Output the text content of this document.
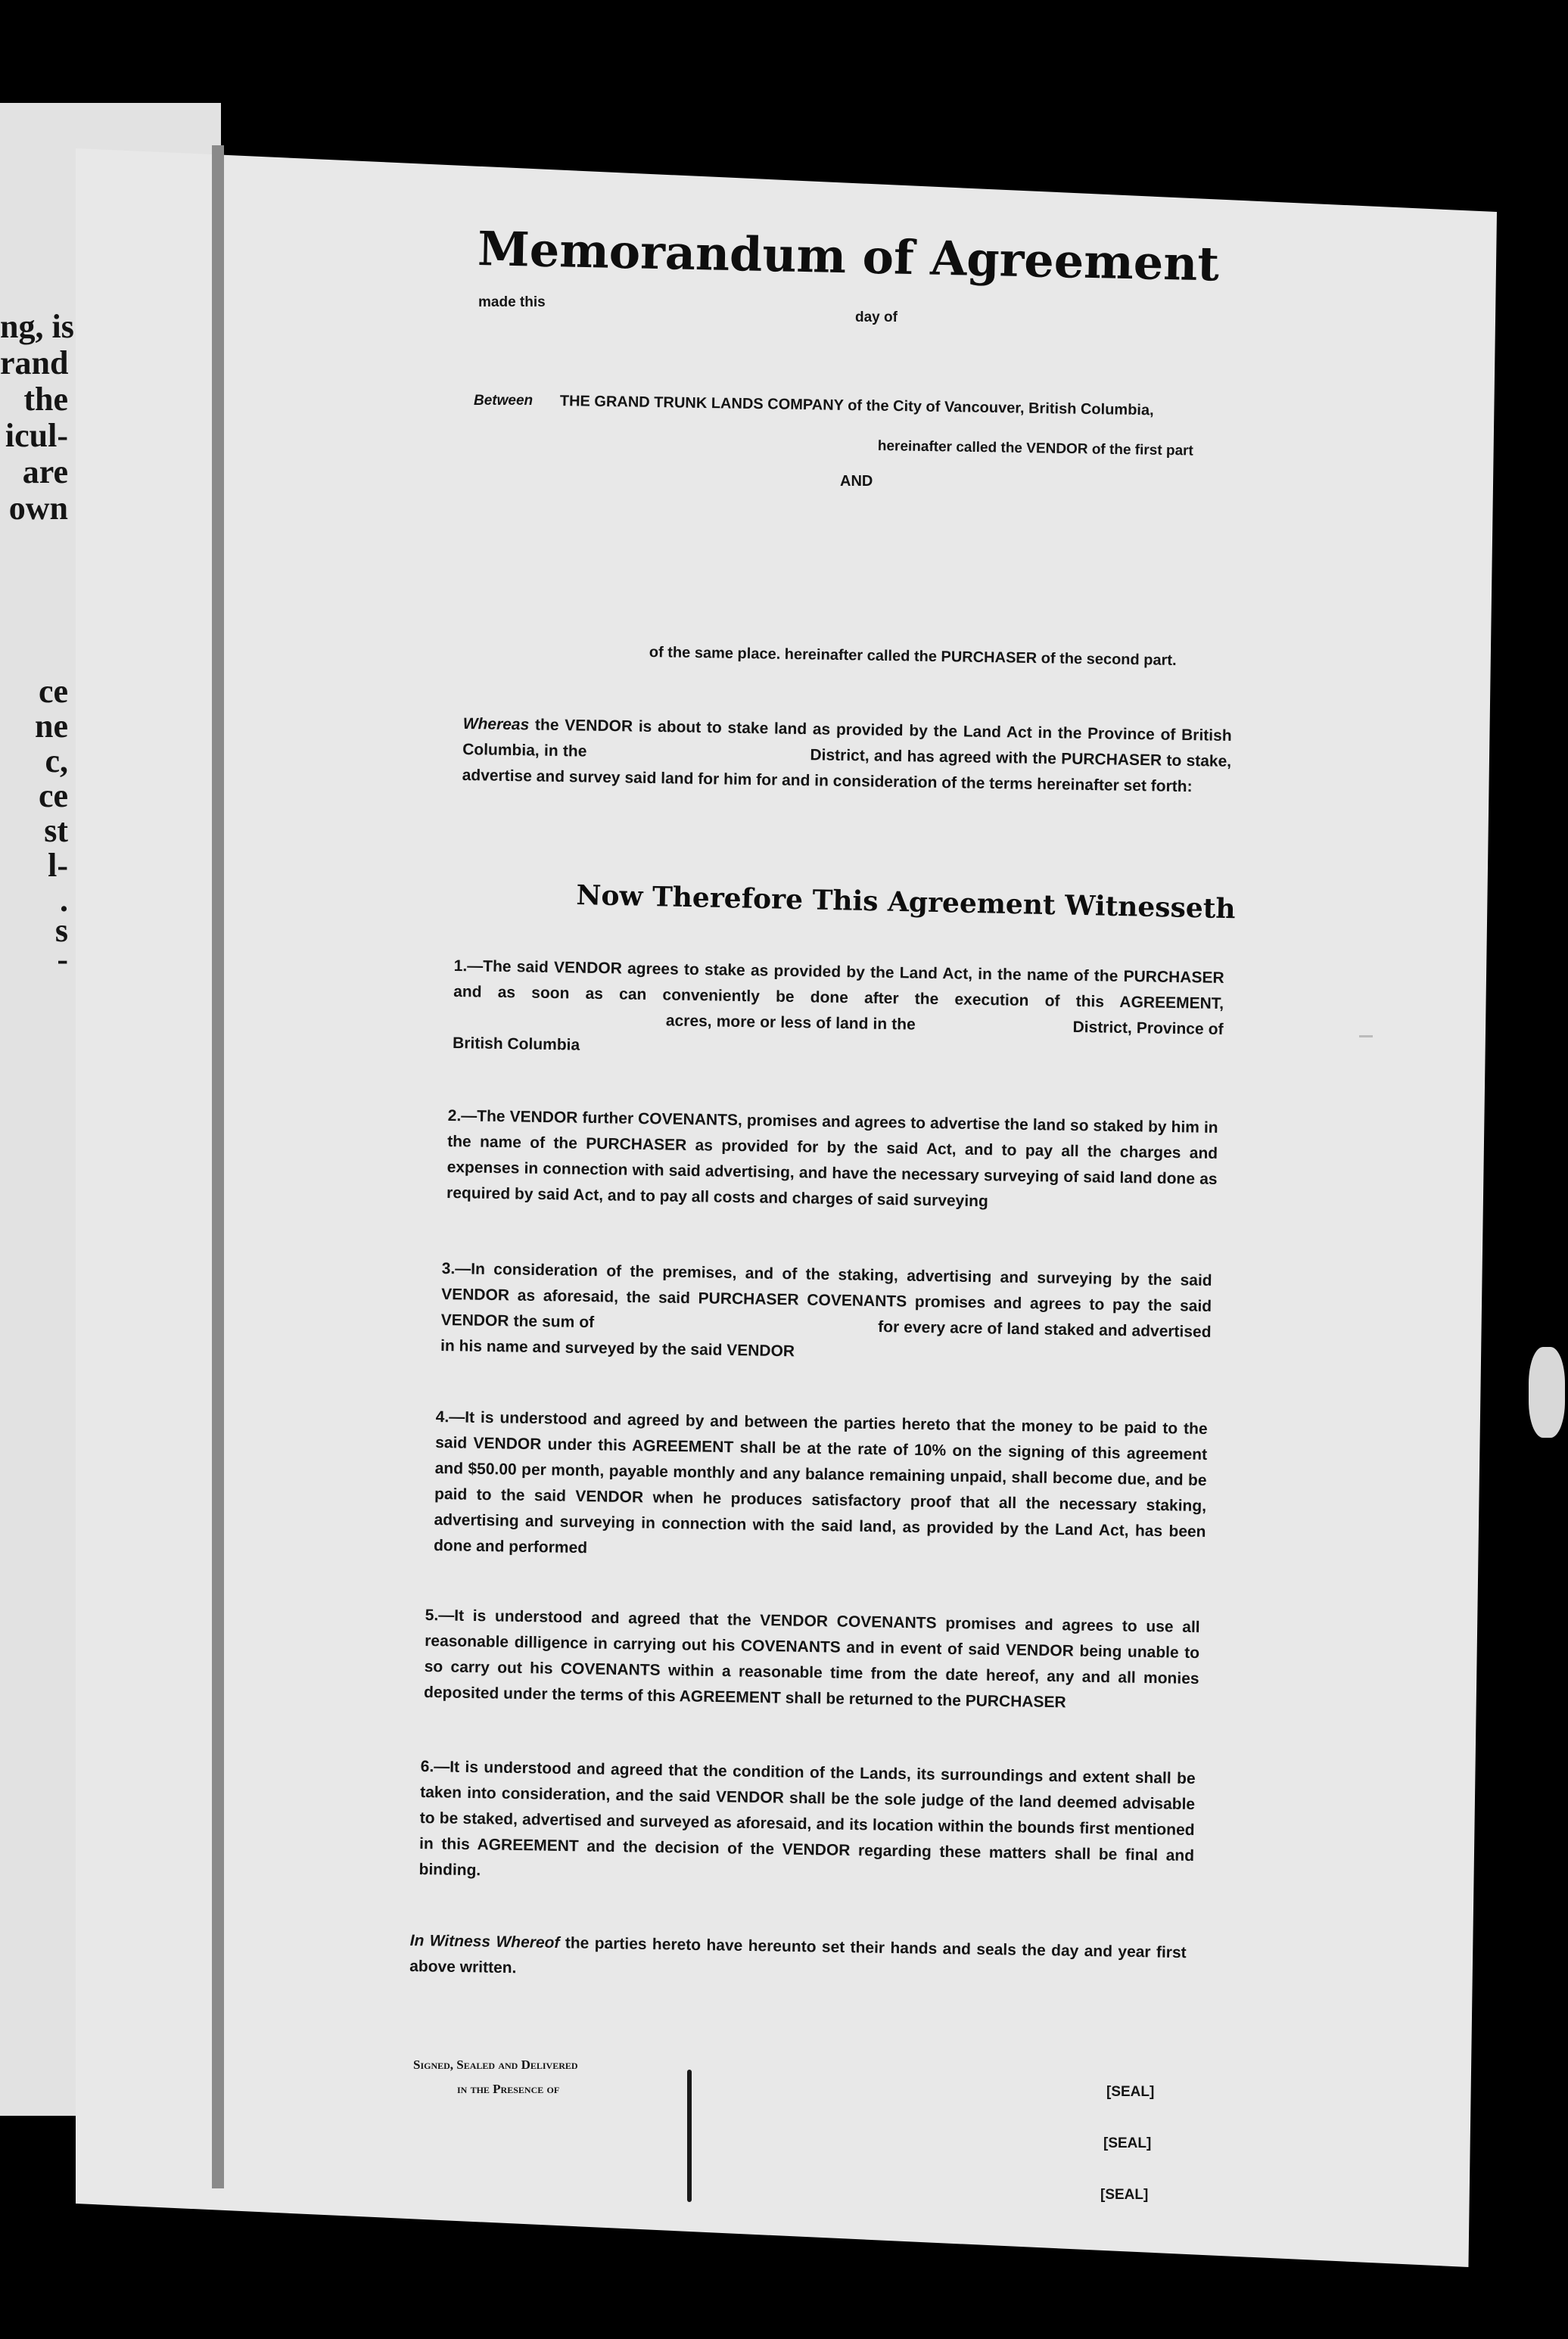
ng, is
rand
the
icul-
are
own
ce
ne
c,
ce
st
l-
.
s
-
Memorandum of Agreement
made this
day of
Between THE GRAND TRUNK LANDS COMPANY of the City of Vancouver, British Columbia,
hereinafter called the VENDOR of the first part
AND
of the same place. hereinafter called the PURCHASER of the second part.
Whereas the VENDOR is about to stake land as provided by the Land Act in the Province of British Columbia, in the                                               District, and has agreed with the PURCHASER to stake, advertise and survey said land for him for and in consideration of the terms hereinafter set forth:
Now Therefore This Agreement Witnesseth
1.—The said VENDOR agrees to stake as provided by the Land Act, in the name of the PURCHASER and as soon as can conveniently be done after the execution of this AGREEMENT,                                               acres, more or less of land in the                                  District, Province of British Columbia
2.—The VENDOR further COVENANTS, promises and agrees to advertise the land so staked by him in the name of the PURCHASER as provided for by the said Act, and to pay all the charges and expenses in connection with said advertising, and have the necessary surveying of said land done as required by said Act, and to pay all costs and charges of said surveying
3.—In consideration of the premises, and of the staking, advertising and surveying by the said VENDOR as aforesaid, the said PURCHASER COVENANTS promises and agrees to pay the said VENDOR the sum of                                                              for every acre of land staked and advertised in his name and surveyed by the said VENDOR
4.—It is understood and agreed by and between the parties hereto that the money to be paid to the said VENDOR under this AGREEMENT shall be at the rate of 10% on the signing of this agreement and $50.00 per month, payable monthly and any balance remaining unpaid, shall become due, and be paid to the said VENDOR when he produces satisfactory proof that all the necessary staking, advertising and surveying in connection with the said land, as provided by the Land Act, has been done and performed
5.—It is understood and agreed that the VENDOR COVENANTS promises and agrees to use all reasonable dilligence in carrying out his COVENANTS and in event of said VENDOR being unable to so carry out his COVENANTS within a reasonable time from the date hereof, any and all monies deposited under the terms of this AGREEMENT shall be returned to the PURCHASER
6.—It is understood and agreed that the condition of the Lands, its surroundings and extent shall be taken into consideration, and the said VENDOR shall be the sole judge of the land deemed advisable to be staked, advertised and surveyed as aforesaid, and its location within the bounds first mentioned in this AGREEMENT and the decision of the VENDOR regarding these matters shall be final and binding.
In Witness Whereof the parties hereto have hereunto set their hands and seals the day and year first above written.
Signed, Sealed and Delivered
in the Presence of	[SEAL]
[SEAL]
[SEAL]
